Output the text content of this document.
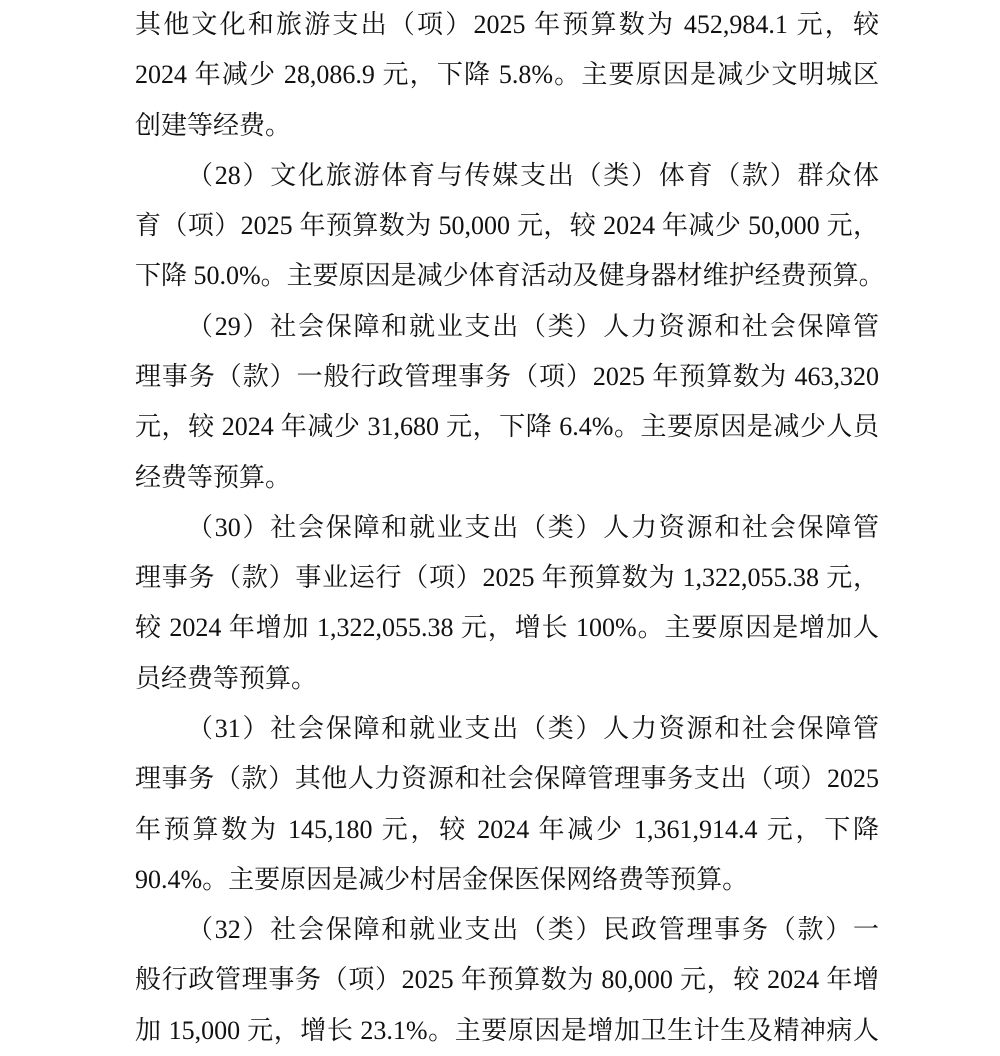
其他文化和旅游支出（项）2025 年预算数为 452,984.1 元，较
2024 年减少 28,086.9 元，下降 5.8%。主要原因是减少文明城区
创建等经费。
（28）文化旅游体育与传媒支出（类）体育（款）群众体
育（项）2025 年预算数为 50,000 元，较 2024 年减少 50,000 元，
下降 50.0%。主要原因是减少体育活动及健身器材维护经费预算。
（29）社会保障和就业支出（类）人力资源和社会保障管
理事务（款）一般行政管理事务（项）2025 年预算数为 463,320
元，较 2024 年减少 31,680 元，下降 6.4%。主要原因是减少人员
经费等预算。
（30）社会保障和就业支出（类）人力资源和社会保障管
理事务（款）事业运行（项）2025 年预算数为 1,322,055.38 元，
较 2024 年增加 1,322,055.38 元，增长 100%。主要原因是增加人
员经费等预算。
（31）社会保障和就业支出（类）人力资源和社会保障管
理事务（款）其他人力资源和社会保障管理事务支出（项）2025
年预算数为 145,180 元，较 2024 年减少 1,361,914.4 元，下降
90.4%。主要原因是减少村居金保医保网络费等预算。
（32）社会保障和就业支出（类）民政管理事务（款）一
般行政管理事务（项）2025 年预算数为 80,000 元，较 2024 年增
加 15,000 元，增长 23.1%。主要原因是增加卫生计生及精神病人
